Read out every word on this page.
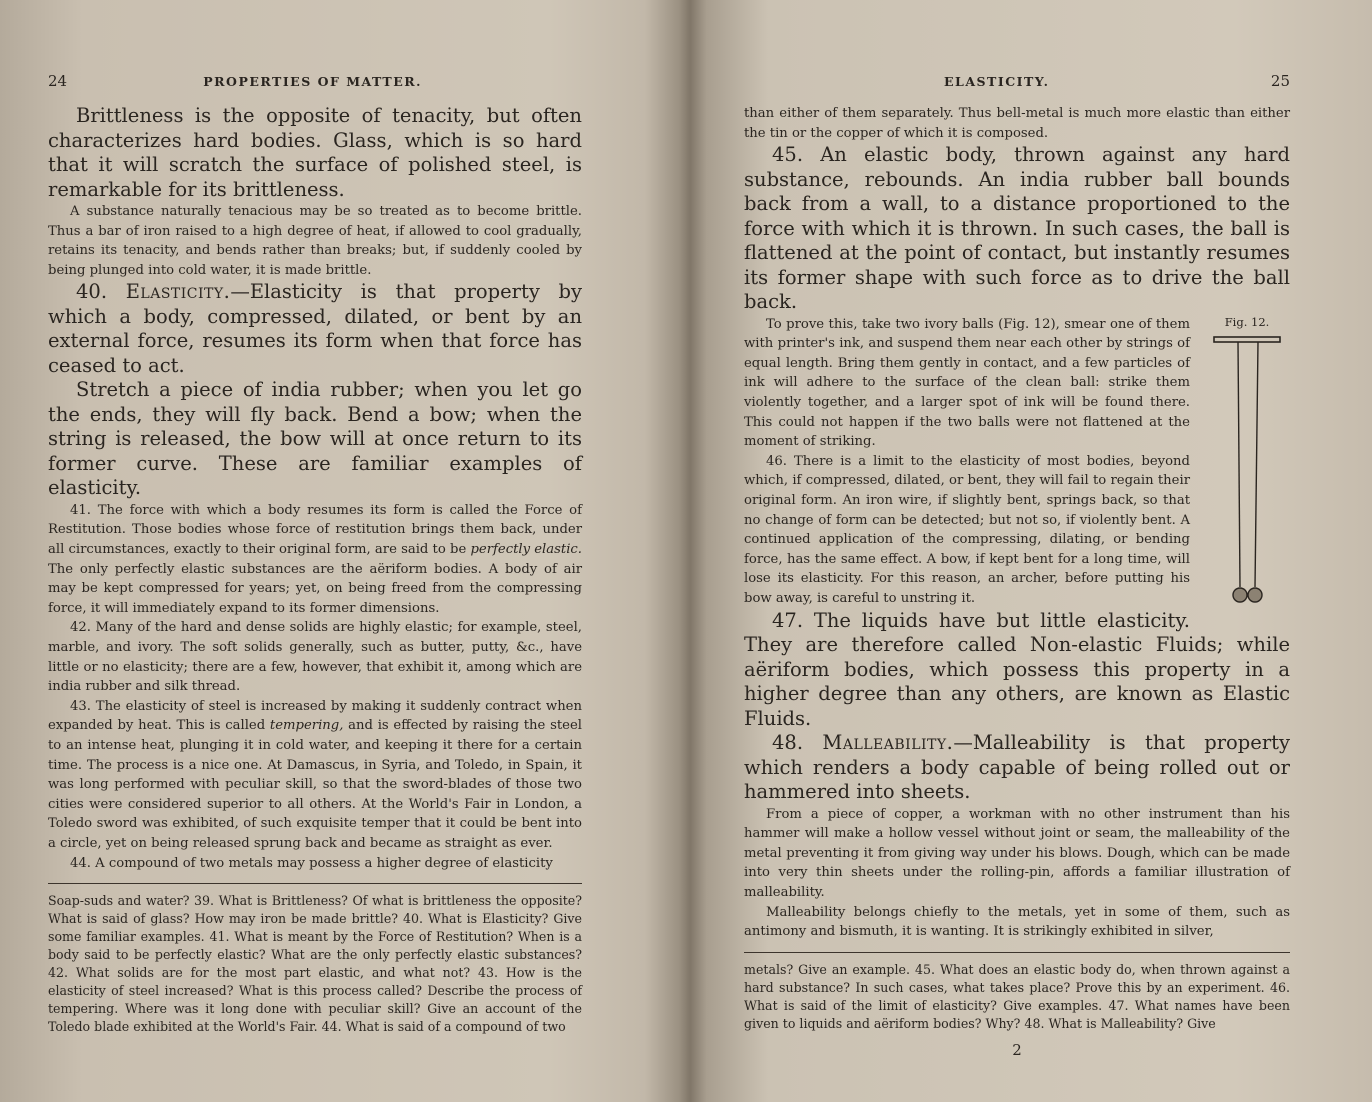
24	PROPERTIES OF MATTER.

Brittleness is the opposite of tenacity, but often characterizes hard bodies. Glass, which is so hard that it will scratch the surface of polished steel, is remarkable for its brittleness.

A substance naturally tenacious may be so treated as to become brittle. Thus a bar of iron raised to a high degree of heat, if allowed to cool gradually, retains its tenacity, and bends rather than breaks; but, if suddenly cooled by being plunged into cold water, it is made brittle.

40. Elasticity.—Elasticity is that property by which a body, compressed, dilated, or bent by an external force, resumes its form when that force has ceased to act.

Stretch a piece of india rubber; when you let go the ends, they will fly back. Bend a bow; when the string is released, the bow will at once return to its former curve. These are familiar examples of elasticity.

41. The force with which a body resumes its form is called the Force of Restitution. Those bodies whose force of restitution brings them back, under all circumstances, exactly to their original form, are said to be perfectly elastic. The only perfectly elastic substances are the aëriform bodies. A body of air may be kept compressed for years; yet, on being freed from the compressing force, it will immediately expand to its former dimensions.

42. Many of the hard and dense solids are highly elastic; for example, steel, marble, and ivory. The soft solids generally, such as butter, putty, &c., have little or no elasticity; there are a few, however, that exhibit it, among which are india rubber and silk thread.

43. The elasticity of steel is increased by making it suddenly contract when expanded by heat. This is called tempering, and is effected by raising the steel to an intense heat, plunging it in cold water, and keeping it there for a certain time. The process is a nice one. At Damascus, in Syria, and Toledo, in Spain, it was long performed with peculiar skill, so that the sword-blades of those two cities were considered superior to all others. At the World's Fair in London, a Toledo sword was exhibited, of such exquisite temper that it could be bent into a circle, yet on being released sprung back and became as straight as ever.

44. A compound of two metals may possess a higher degree of elasticity

Soap-suds and water? 39. What is Brittleness? Of what is brittleness the opposite? What is said of glass? How may iron be made brittle? 40. What is Elasticity? Give some familiar examples. 41. What is meant by the Force of Restitution? When is a body said to be perfectly elastic? What are the only perfectly elastic substances? 42. What solids are for the most part elastic, and what not? 43. How is the elasticity of steel increased? What is this process called? Describe the process of tempering. Where was it long done with peculiar skill? Give an account of the Toledo blade exhibited at the World's Fair. 44. What is said of a compound of two

ELASTICITY.	25

than either of them separately. Thus bell-metal is much more elastic than either the tin or the copper of which it is composed.

45. An elastic body, thrown against any hard substance, rebounds. An india rubber ball bounds back from a wall, to a distance proportioned to the force with which it is thrown. In such cases, the ball is flattened at the point of contact, but instantly resumes its former shape with such force as to drive the ball back.

Fig. 12.

To prove this, take two ivory balls (Fig. 12), smear one of them with printer's ink, and suspend them near each other by strings of equal length. Bring them gently in contact, and a few particles of ink will adhere to the surface of the clean ball: strike them violently together, and a larger spot of ink will be found there. This could not happen if the two balls were not flattened at the moment of striking.

46. There is a limit to the elasticity of most bodies, beyond which, if compressed, dilated, or bent, they will fail to regain their original form. An iron wire, if slightly bent, springs back, so that no change of form can be detected; but not so, if violently bent. A continued application of the compressing, dilating, or bending force, has the same effect. A bow, if kept bent for a long time, will lose its elasticity. For this reason, an archer, before putting his bow away, is careful to unstring it.

47. The liquids have but little elasticity. They are therefore called Non-elastic Fluids; while aëriform bodies, which possess this property in a higher degree than any others, are known as Elastic Fluids.

48. Malleability.—Malleability is that property which renders a body capable of being rolled out or hammered into sheets.

From a piece of copper, a workman with no other instrument than his hammer will make a hollow vessel without joint or seam, the malleability of the metal preventing it from giving way under his blows. Dough, which can be made into very thin sheets under the rolling-pin, affords a familiar illustration of malleability.

Malleability belongs chiefly to the metals, yet in some of them, such as antimony and bismuth, it is wanting. It is strikingly exhibited in silver,

metals? Give an example. 45. What does an elastic body do, when thrown against a hard substance? In such cases, what takes place? Prove this by an experiment. 46. What is said of the limit of elasticity? Give examples. 47. What names have been given to liquids and aëriform bodies? Why? 48. What is Malleability? Give

2
